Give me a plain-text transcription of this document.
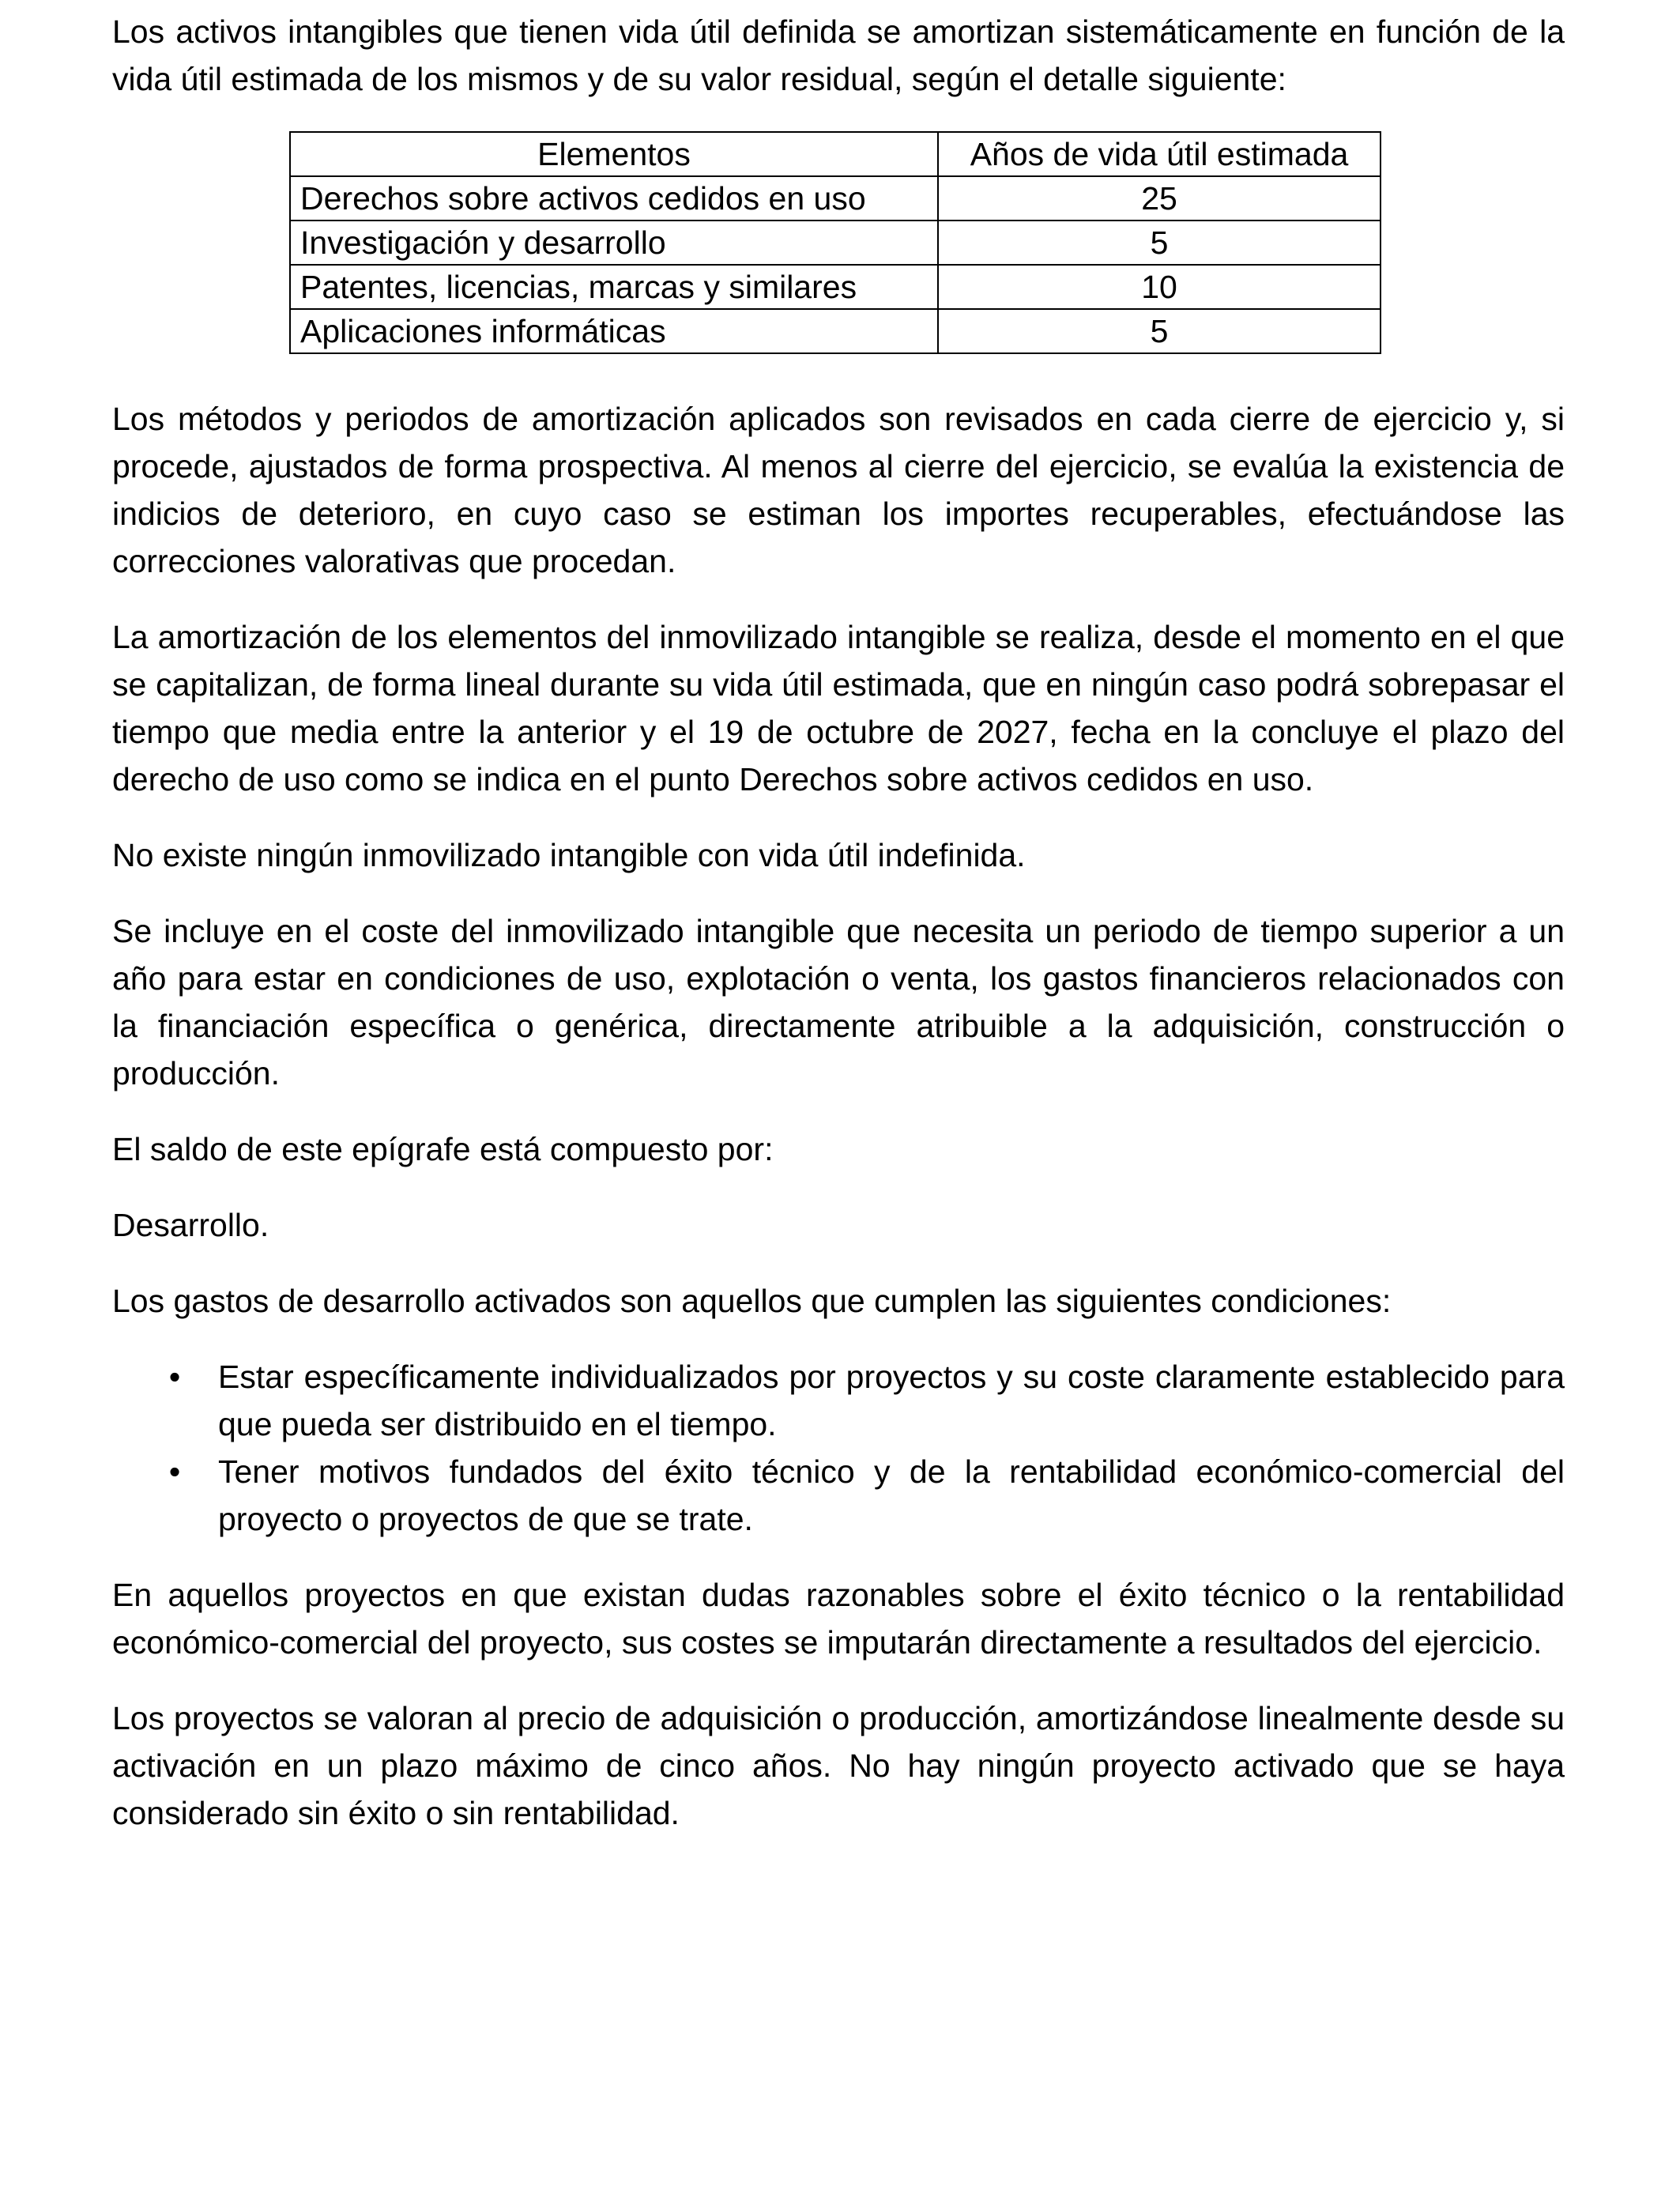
Los activos intangibles que tienen vida útil definida se amortizan sistemáticamente en función de la vida útil estimada de los mismos y de su valor residual, según el detalle siguiente:

Elementos	Años de vida útil estimada
Derechos sobre activos cedidos en uso	25
Investigación y desarrollo	5
Patentes, licencias, marcas y similares	10
Aplicaciones informáticas	5

Los métodos y periodos de amortización aplicados son revisados en cada cierre de ejercicio y, si procede, ajustados de forma prospectiva. Al menos al cierre del ejercicio, se evalúa la existencia de indicios de deterioro, en cuyo caso se estiman los importes recuperables, efectuándose las correcciones valorativas que procedan.

La amortización de los elementos del inmovilizado intangible se realiza, desde el momento en el que se capitalizan, de forma lineal durante su vida útil estimada, que en ningún caso podrá sobrepasar el tiempo que media entre la anterior y el 19 de octubre de 2027, fecha en la concluye el plazo del derecho de uso como se indica en el punto Derechos sobre activos cedidos en uso.

No existe ningún inmovilizado intangible con vida útil indefinida.

Se incluye en el coste del inmovilizado intangible que necesita un periodo de tiempo superior a un año para estar en condiciones de uso, explotación o venta, los gastos financieros relacionados con la financiación específica o genérica, directamente atribuible a la adquisición, construcción o producción.

El saldo de este epígrafe está compuesto por:

Desarrollo.

Los gastos de desarrollo activados son aquellos que cumplen las siguientes condiciones:

• Estar específicamente individualizados por proyectos y su coste claramente establecido para que pueda ser distribuido en el tiempo.
• Tener motivos fundados del éxito técnico y de la rentabilidad económico-comercial del proyecto o proyectos de que se trate.

En aquellos proyectos en que existan dudas razonables sobre el éxito técnico o la rentabilidad económico-comercial del proyecto, sus costes se imputarán directamente a resultados del ejercicio.

Los proyectos se valoran al precio de adquisición o producción, amortizándose linealmente desde su activación en un plazo máximo de cinco años. No hay ningún proyecto activado que se haya considerado sin éxito o sin rentabilidad.
